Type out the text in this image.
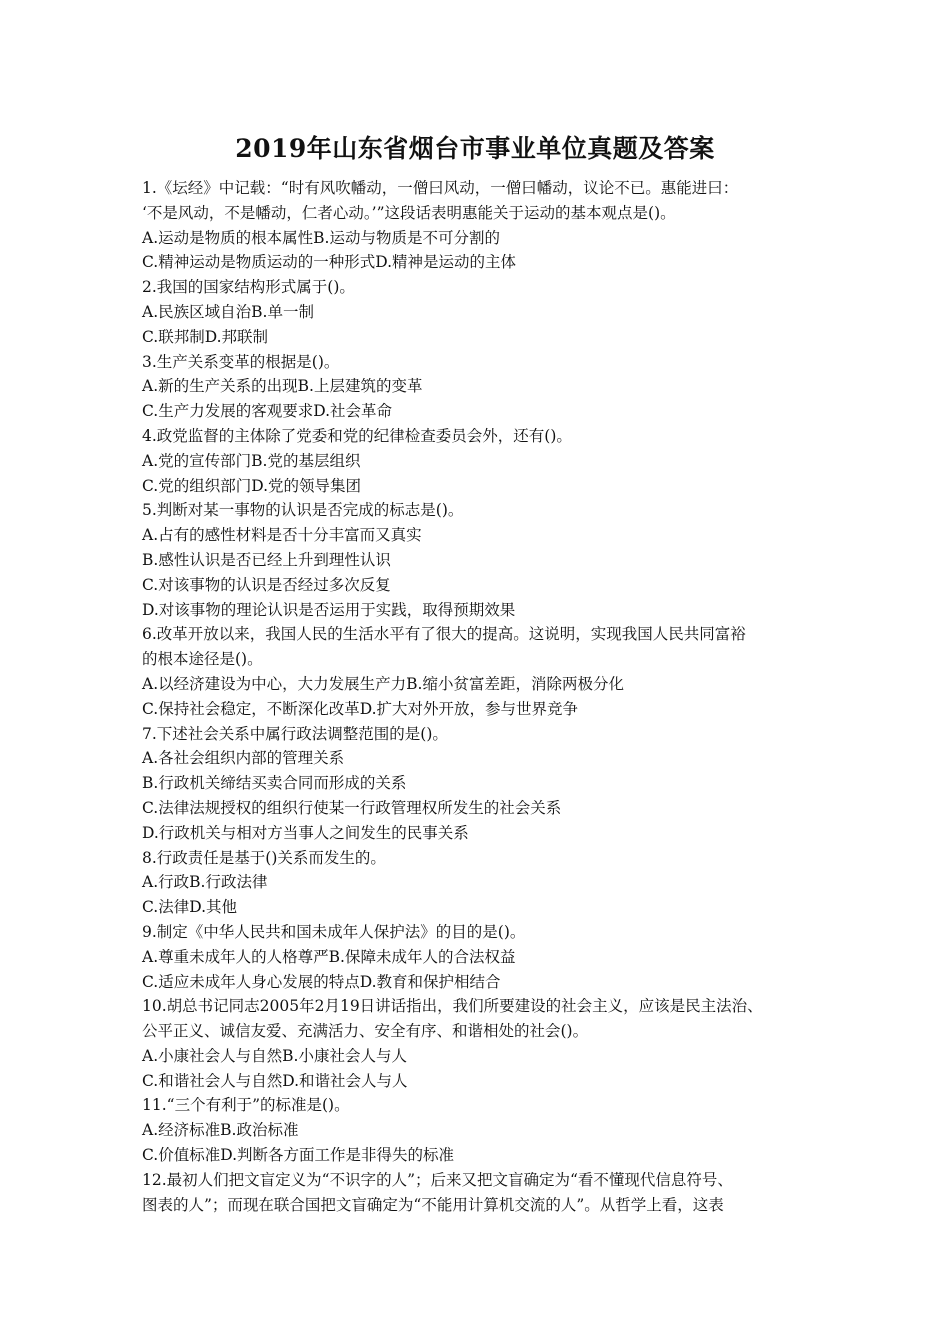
2019年山东省烟台市事业单位真题及答案
1.《坛经》中记载：“时有风吹幡动，一僧曰风动，一僧曰幡动，议论不已。惠能进曰：
‘不是风动，不是幡动，仁者心动。’”这段话表明惠能关于运动的基本观点是()。
A.运动是物质的根本属性B.运动与物质是不可分割的
C.精神运动是物质运动的一种形式D.精神是运动的主体
2.我国的国家结构形式属于()。
A.民族区域自治B.单一制
C.联邦制D.邦联制
3.生产关系变革的根据是()。
A.新的生产关系的出现B.上层建筑的变革
C.生产力发展的客观要求D.社会革命
4.政党监督的主体除了党委和党的纪律检查委员会外，还有()。
A.党的宣传部门B.党的基层组织
C.党的组织部门D.党的领导集团
5.判断对某一事物的认识是否完成的标志是()。
A.占有的感性材料是否十分丰富而又真实
B.感性认识是否已经上升到理性认识
C.对该事物的认识是否经过多次反复
D.对该事物的理论认识是否运用于实践，取得预期效果
6.改革开放以来，我国人民的生活水平有了很大的提高。这说明，实现我国人民共同富裕
的根本途径是()。
A.以经济建设为中心，大力发展生产力B.缩小贫富差距，消除两极分化
C.保持社会稳定，不断深化改革D.扩大对外开放，参与世界竞争
7.下述社会关系中属行政法调整范围的是()。
A.各社会组织内部的管理关系
B.行政机关缔结买卖合同而形成的关系
C.法律法规授权的组织行使某一行政管理权所发生的社会关系
D.行政机关与相对方当事人之间发生的民事关系
8.行政责任是基于()关系而发生的。
A.行政B.行政法律
C.法律D.其他
9.制定《中华人民共和国未成年人保护法》的目的是()。
A.尊重未成年人的人格尊严B.保障未成年人的合法权益
C.适应未成年人身心发展的特点D.教育和保护相结合
10.胡总书记同志2005年2月19日讲话指出，我们所要建设的社会主义，应该是民主法治、
公平正义、诚信友爱、充满活力、安全有序、和谐相处的社会()。
A.小康社会人与自然B.小康社会人与人
C.和谐社会人与自然D.和谐社会人与人
11.“三个有利于”的标准是()。
A.经济标准B.政治标准
C.价值标准D.判断各方面工作是非得失的标准
12.最初人们把文盲定义为“不识字的人”；后来又把文盲确定为“看不懂现代信息符号、
图表的人”；而现在联合国把文盲确定为“不能用计算机交流的人”。从哲学上看，这表
